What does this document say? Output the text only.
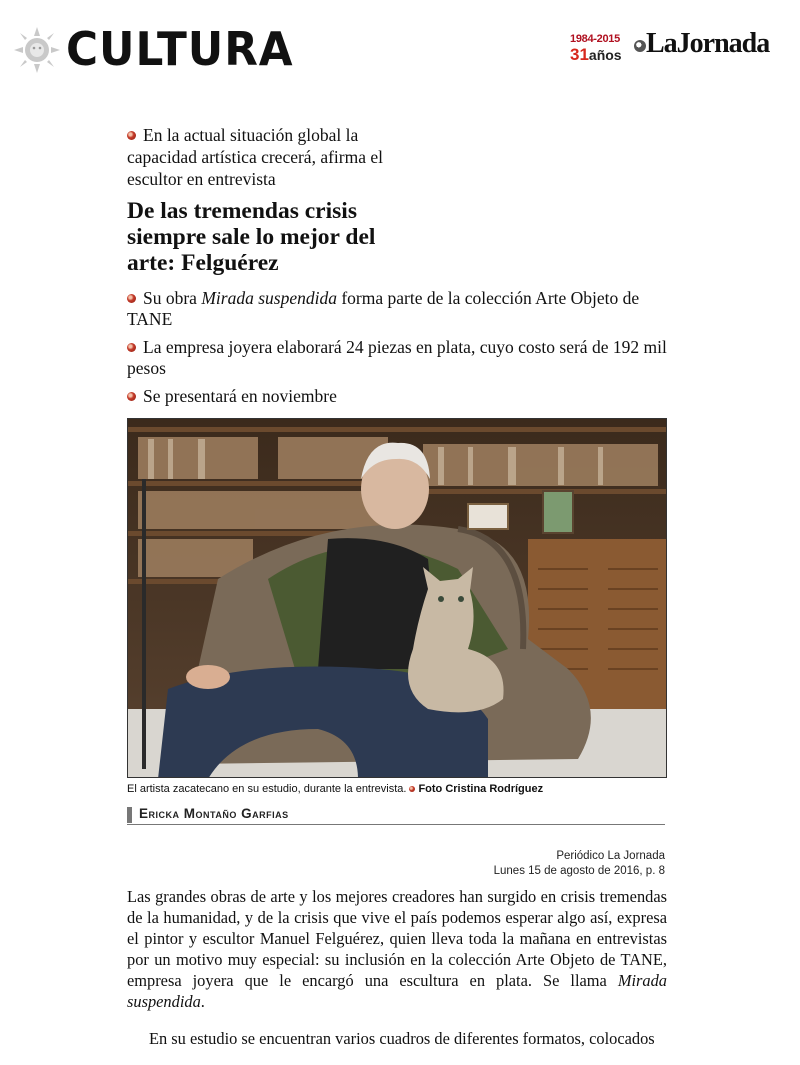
CULTURA	1984-2015
31años LaJornada
En la actual situación global la capacidad artística crecerá, afirma el escultor en entrevista
De las tremendas crisis siempre sale lo mejor del arte: Felguérez
Su obra Mirada suspendida forma parte de la colección Arte Objeto de TANE
La empresa joyera elaborará 24 piezas en plata, cuyo costo será de 192 mil pesos
Se presentará en noviembre
El artista zacatecano en su estudio, durante la entrevista. Foto Cristina Rodríguez
Ericka Montaño Garfias
Periódico La Jornada
Lunes 15 de agosto de 2016, p. 8

Las grandes obras de arte y los mejores creadores han surgido en crisis tremendas de la humanidad, y de la crisis que vive el país podemos esperar algo así, expresa el pintor y escultor Manuel Felguérez, quien lleva toda la mañana en entrevistas por un motivo muy especial: su inclusión en la colección Arte Objeto de TANE, empresa joyera que le encargó una escultura en plata. Se llama Mirada suspendida.

En su estudio se encuentran varios cuadros de diferentes formatos, colocados
